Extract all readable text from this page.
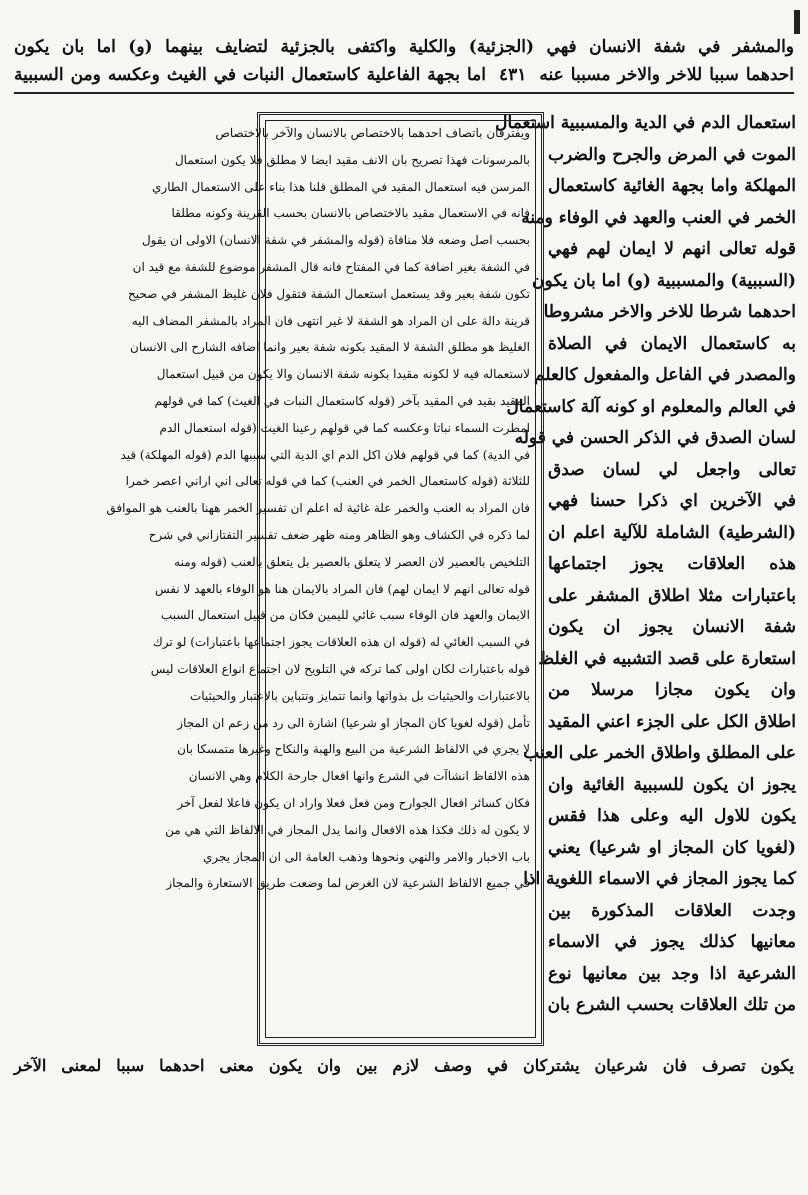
والمشفر في شفة الانسان فهي (الجزئية) والكلية واكتفى بالجزئية لتضايف بينهما (و) اما بان يكون
احدهما سببا للاخر والاخر مسببا عنه ٤٣١ اما بجهة الفاعلية كاستعمال النبات في الغيث وعكسه ومن السببية
استعمال الدم في الدية والمسببية استعمال
الموت في المرض والجرح والضرب
المهلكة واما بجهة الغائية كاستعمال
الخمر في العنب والعهد في الوفاء ومنه
قوله تعالى انهم لا ايمان لهم فهي
(السببية) والمسببية (و) اما بان يكون
احدهما شرطا للاخر والاخر مشروطا
به كاستعمال الايمان في الصلاة
والمصدر في الفاعل والمفعول كالعلم
في العالم والمعلوم او كونه آلة كاستعمال
لسان الصدق في الذكر الحسن في قوله
تعالى واجعل لي لسان صدق
في الآخرين اي ذكرا حسنا فهي
(الشرطية) الشاملة للآلية اعلم ان
هذه العلاقات يجوز اجتماعها
باعتبارات مثلا اطلاق المشفر على
شفة الانسان يجوز ان يكون
استعارة على قصد التشبيه في الغلظ
وان يكون مجازا مرسلا من
اطلاق الكل على الجزء اعني المقيد
على المطلق واطلاق الخمر على العنب
يجوز ان يكون للسببية الغائية وان
يكون للاول اليه وعلى هذا فقس
(لغويا كان المجاز او شرعيا) يعني
كما يجوز المجاز في الاسماء اللغوية اذا
وجدت العلاقات المذكورة بين
معانيها كذلك يجوز في الاسماء
الشرعية اذا وجد بين معانيها نوع
من تلك العلاقات بحسب الشرع بان
ويفترقان باتصاف احدهما بالاختصاص بالانسان والآخر بالاختصاص
بالمرسونات فهذا تصريح بان الانف مقيد ايضا لا مطلق فلا يكون استعمال
المرسن فيه استعمال المقيد في المطلق قلنا هذا بناء على الاستعمال الطاري
فانه في الاستعمال مقيد بالاختصاص بالانسان بحسب القرينة وكونه مطلقا
بحسب اصل وضعه فلا منافاة (قوله والمشفر في شفة الانسان) الاولى ان يقول
في الشفة بغير اضافة كما في المفتاح فانه قال المشفر موضوع للشفة مع قيد ان
تكون شفة بعير وقد يستعمل استعمال الشفة فتقول فلان غليظ المشفر في صحيح
قرينة دالة على ان المراد هو الشفة لا غير انتهى فان المراد بالمشفر المضاف اليه
الغليظ هو مطلق الشفة لا المقيد بكونه شفة بعير وانما اضافه الشارح الى الانسان
لاستعماله فيه لا لكونه مقيدا بكونه شفة الانسان والا يكون من قبيل استعمال
المقيد بقيد في المقيد بآخر (قوله كاستعمال النبات في الغيث) كما في قولهم
امطرت السماء نباتا وعكسه كما في قولهم رعينا الغيث (قوله استعمال الدم
في الدية) كما في قولهم فلان اكل الدم اي الدية التي سببها الدم (قوله المهلكة) قيد
للثلاثة (قوله كاستعمال الخمر في العنب) كما في قوله تعالى اني اراني اعصر خمرا
فان المراد به العنب والخمر علة غائية له اعلم ان تفسير الخمر ههنا بالعنب هو الموافق
لما ذكره في الكشاف وهو الظاهر ومنه ظهر ضعف تفسير التفتازاني في شرح
التلخيص بالعصير لان العصر لا يتعلق بالعصير بل يتعلق بالعنب (قوله ومنه
قوله تعالى انهم لا ايمان لهم) فان المراد بالايمان هنا هو الوفاء بالعهد لا نفس
الايمان والعهد فان الوفاء سبب غائي لليمين فكان من قبيل استعمال السبب
في السبب الغائي له (قوله ان هذه العلاقات يجوز اجتماعها باعتبارات) لو ترك
قوله باعتبارات لكان اولى كما تركه في التلويح لان اجتماع انواع العلاقات ليس
بالاعتبارات والحيثيات بل بذواتها وانما تتمايز وتتباين بالاعتبار والحيثيات
تأمل (قوله لغويا كان المجاز او شرعيا) اشارة الى رد من زعم ان المجاز
لا يجري في الالفاظ الشرعية من البيع والهبة والنكاح وغيرها متمسكا بان
هذه الالفاظ انشاآت في الشرع وانها افعال جارحة الكلام وهي الانسان
فكان كسائر افعال الجوارح ومن فعل فعلا واراد ان يكون فاعلا لفعل آخر
لا يكون له ذلك فكذا هذه الافعال وانما يدل المجاز في الالفاظ التي هي من
باب الاخبار والامر والنهي ونحوها وذهب العامة الى ان المجاز يجري
في جميع الالفاظ الشرعية لان الغرض لما وضعت طريق الاستعارة والمجاز
يكون تصرف فان شرعيان يشتركان في وصف لازم بين وان يكون معنى احدهما سببا لمعنى الآخر
